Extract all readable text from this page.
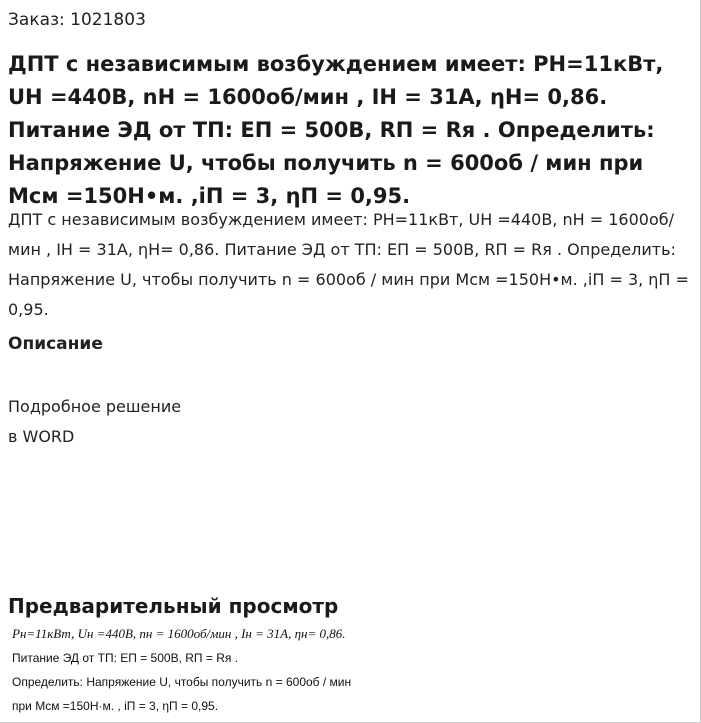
Заказ: 1021803
ДПТ с независимым возбуждением имеет: PН=11кВт, UН =440В, nН = 1600об/мин , IН = 31А, ηН= 0,86. Питание ЭД от ТП: EП = 500В, RП = Rя . Определить: Напряжение U, чтобы получить n = 600об / мин при Мсм =150Н•м. ,iП = 3, ηП = 0,95.

ДПТ с независимым возбуждением имеет: PН=11кВт, UН =440В, nН = 1600об/мин , IН = 31А, ηН= 0,86. Питание ЭД от ТП: EП = 500В, RП = Rя . Определить: Напряжение U, чтобы получить n = 600об / мин при Мсм =150Н•м. ,iП = 3, ηП = 0,95.

Описание
Подробное решение
в WORD
Предварительный просмотр
Pн=11кВт, Uн =440В, nн = 1600об/мин , Iн = 31А, ηн= 0,86.
Питание ЭД от ТП: EП = 500В, RП = Rя .
Определить: Напряжение U, чтобы получить n = 600об / мин
при Mсм =150Н·м. , iП = 3, ηП = 0,95.
